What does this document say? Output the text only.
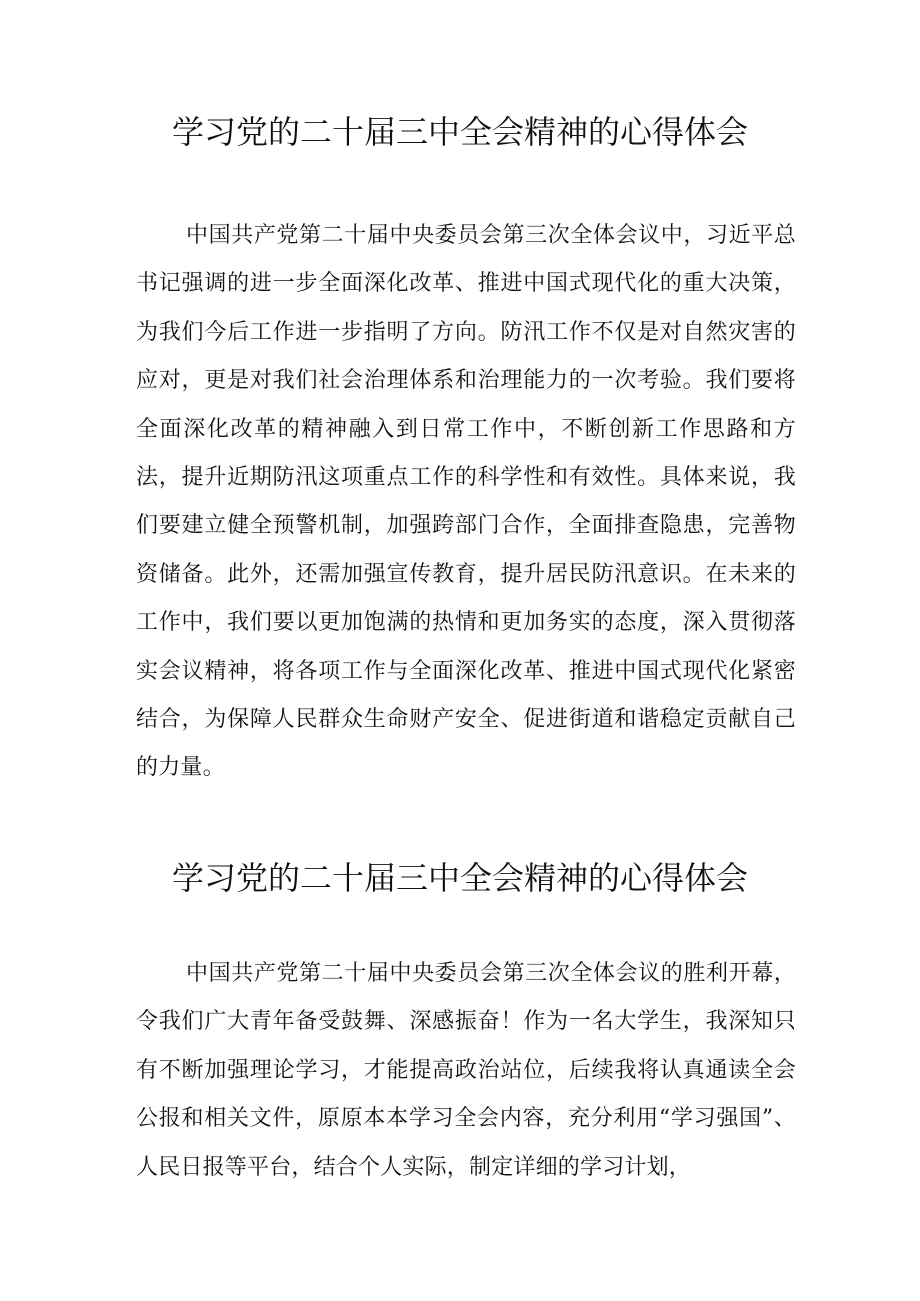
学习党的二十届三中全会精神的心得体会

中国共产党第二十届中央委员会第三次全体会议中，习近平总书记强调的进一步全面深化改革、推进中国式现代化的重大决策，为我们今后工作进一步指明了方向。防汛工作不仅是对自然灾害的应对，更是对我们社会治理体系和治理能力的一次考验。我们要将全面深化改革的精神融入到日常工作中，不断创新工作思路和方法，提升近期防汛这项重点工作的科学性和有效性。具体来说，我们要建立健全预警机制，加强跨部门合作，全面排查隐患，完善物资储备。此外，还需加强宣传教育，提升居民防汛意识。在未来的工作中，我们要以更加饱满的热情和更加务实的态度，深入贯彻落实会议精神，将各项工作与全面深化改革、推进中国式现代化紧密结合，为保障人民群众生命财产安全、促进街道和谐稳定贡献自己的力量。

学习党的二十届三中全会精神的心得体会

中国共产党第二十届中央委员会第三次全体会议的胜利开幕，令我们广大青年备受鼓舞、深感振奋！作为一名大学生，我深知只有不断加强理论学习，才能提高政治站位，后续我将认真通读全会公报和相关文件，原原本本学习全会内容，充分利用“学习强国”、人民日报等平台，结合个人实际，制定详细的学习计划，
